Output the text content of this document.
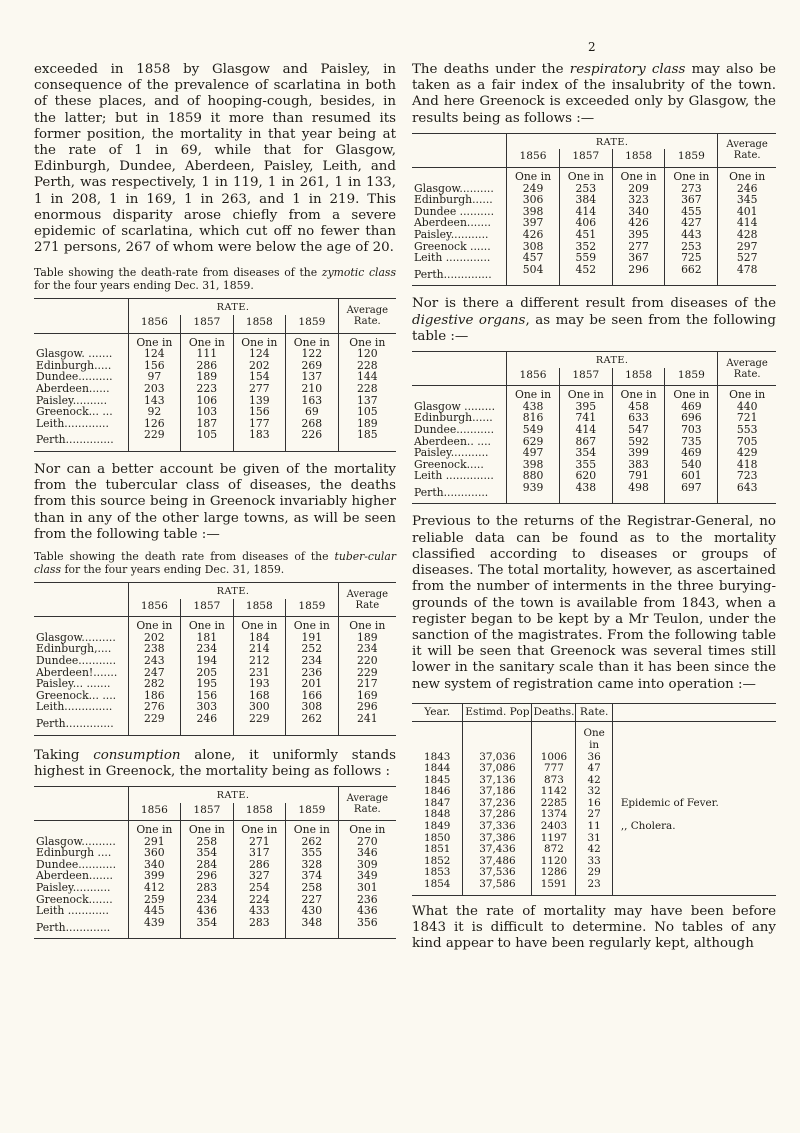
2

exceeded in 1858 by Glasgow and Paisley, in consequence of the prevalence of scarlatina in both of these places, and of hooping-cough, besides, in the latter; but in 1859 it more than resumed its former position, the mortality in that year being at the rate of 1 in 69, while that for Glasgow, Edinburgh, Dundee, Aberdeen, Paisley, Leith, and Perth, was respectively, 1 in 119, 1 in 261, 1 in 133, 1 in 208, 1 in 169, 1 in 263, and 1 in 219. This enormous disparity arose chiefly from a severe epidemic of scarlatina, which cut off no fewer than 271 persons, 267 of whom were below the age of 20.

Table showing the death-rate from diseases of the zymotic class for the four years ending Dec. 31, 1859.

	RATE.				Average Rate.
	1856	1857	1858	1859	
	One in	One in	One in	One in	One in
Glasgow. .......	124	111	124	122	120
Edinburgh.....	156	286	202	269	228
Dundee..........	97	189	154	137	144
Aberdeen......	203	223	277	210	228
Paisley..........	143	106	139	163	137
Greenock... ...	92	103	156	69	105
Leith.............	126	187	177	268	189
Perth..............	229	105	183	226	185

Nor can a better account be given of the mortality from the tubercular class of diseases, the deaths from this source being in Greenock invariably higher than in any of the other large towns, as will be seen from the following table :—

Table showing the death rate from diseases of the tuber-cular class for the four years ending Dec. 31, 1859.

	RATE.				Average Rate
	1856	1857	1858	1859	
	One in	One in	One in	One in	One in
Glasgow..........	202	181	184	191	189
Edinburgh,....	238	234	214	252	234
Dundee...........	243	194	212	234	220
Aberdeen!.......	247	205	231	236	229
Paisley... .......	282	195	193	201	217
Greenock... ....	186	156	168	166	169
Leith..............	276	303	300	308	296
Perth..............	229	246	229	262	241

Taking consumption alone, it uniformly stands highest in Greenock, the mortality being as follows :

	RATE.				Average Rate.
	1856	1857	1858	1859	
	One in	One in	One in	One in	One in
Glasgow..........	291	258	271	262	270
Edinburgh ....	360	354	317	355	346
Dundee...........	340	284	286	328	309
Aberdeen.......	399	296	327	374	349
Paisley...........	412	283	254	258	301
Greenock.......	259	234	224	227	236
Leith ............	445	436	433	430	436
Perth.............	439	354	283	348	356

The deaths under the respiratory class may also be taken as a fair index of the insalubrity of the town. And here Greenock is exceeded only by Glasgow, the results being as follows :—

	RATE.				Average Rate.
	1856	1857	1858	1859	
	One in	One in	One in	One in	One in
Glasgow..........	249	253	209	273	246
Edinburgh......	306	384	323	367	345
Dundee ..........	398	414	340	455	401
Aberdeen.......	397	406	426	427	414
Paisley...........	426	451	395	443	428
Greenock ......	308	352	277	253	297
Leith .............	457	559	367	725	527
Perth..............	504	452	296	662	478

Nor is there a different result from diseases of the digestive organs, as may be seen from the following table :—

	RATE.				Average Rate.
	1856	1857	1858	1859	
	One in	One in	One in	One in	One in
Glasgow .........	438	395	458	469	440
Edinburgh......	816	741	633	696	721
Dundee...........	549	414	547	703	553
Aberdeen.. ....	629	867	592	735	705
Paisley...........	497	354	399	469	429
Greenock.....	398	355	383	540	418
Leith ..............	880	620	791	601	723
Perth.............	939	438	498	697	643

Previous to the returns of the Registrar-General, no reliable data can be found as to the mortality classified according to diseases or groups of diseases. The total mortality, however, as ascertained from the number of interments in the three burying-grounds of the town is available from 1843, when a register began to be kept by a Mr Teulon, under the sanction of the magistrates. From the following table it will be seen that Greenock was several times still lower in the sanitary scale than it has been since the new system of registration came into operation :—

Year.	Estimd. Pop	Deaths.	Rate.	
			One in	
1843	37,036	1006	36	
1844	37,086	777	47	
1845	37,136	873	42	
1846	37,186	1142	32	
1847	37,236	2285	16	Epidemic of Fever.
1848	37,286	1374	27	
1849	37,336	2403	11	,, Cholera.
1850	37,386	1197	31	
1851	37,436	872	42	
1852	37,486	1120	33	
1853	37,536	1286	29	
1854	37,586	1591	23	

What the rate of mortality may have been before 1843 it is difficult to determine. No tables of any kind appear to have been regularly kept, although
